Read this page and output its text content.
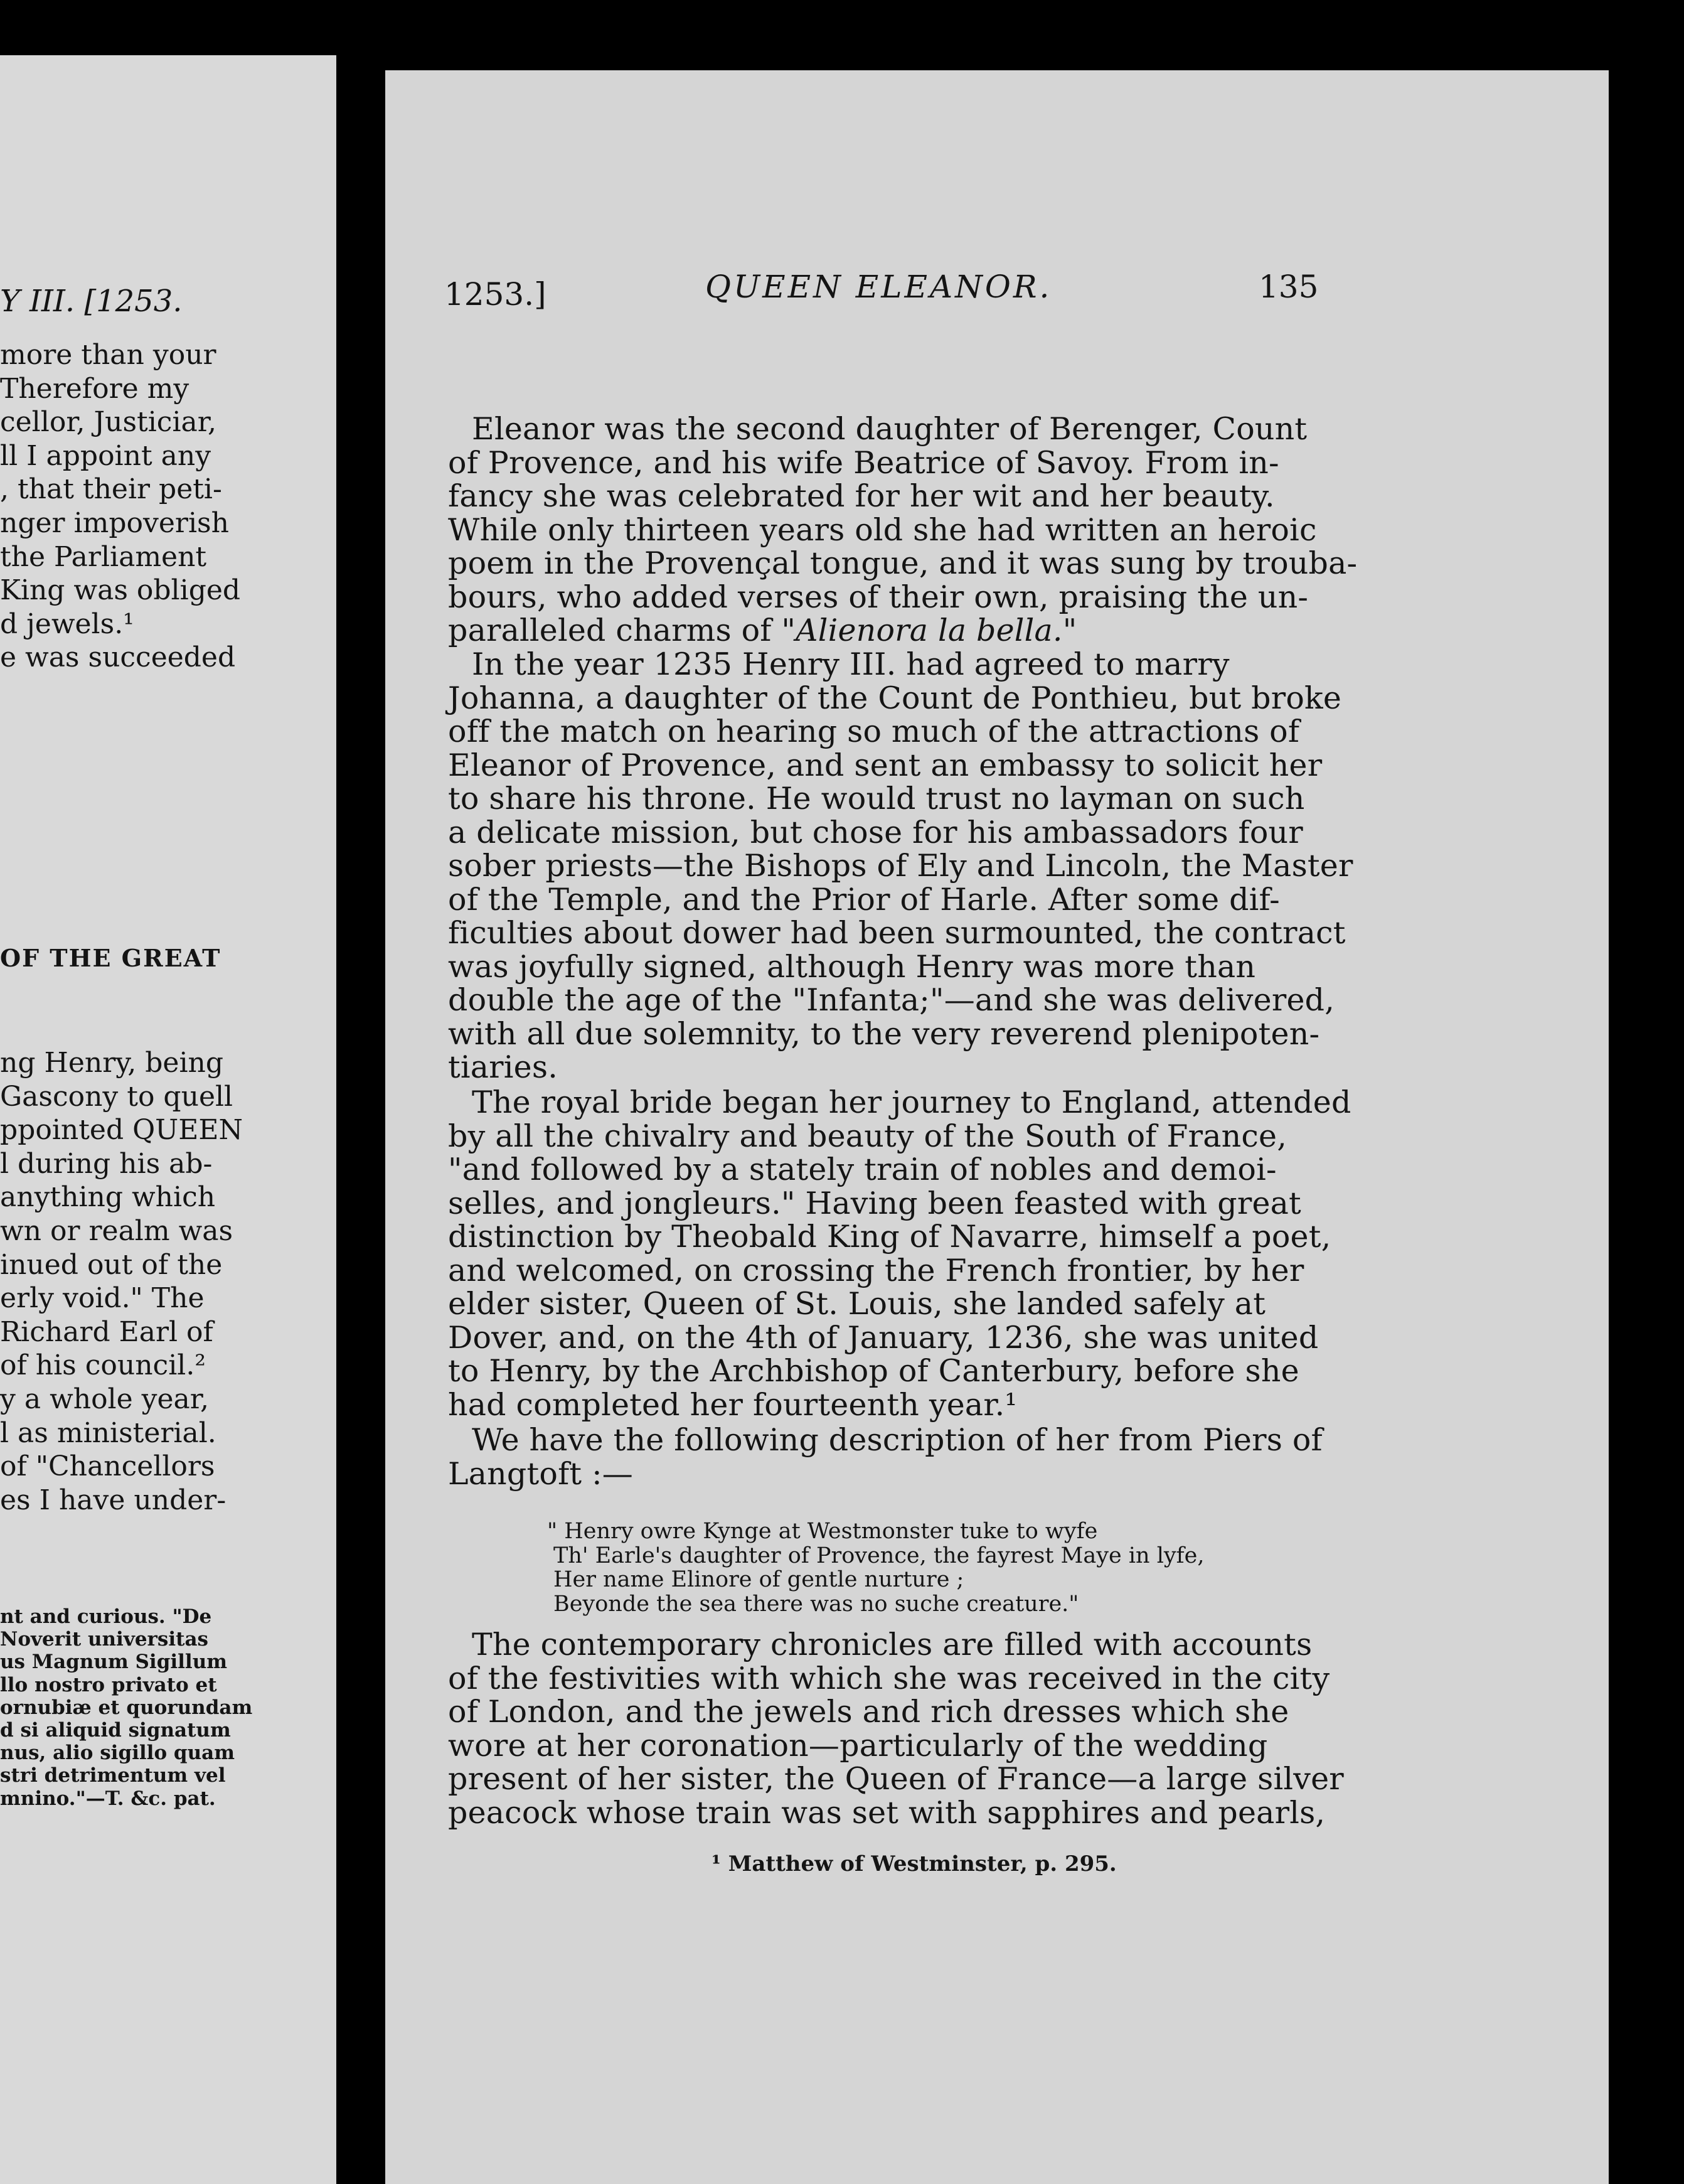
Y III. [1253.
more than your
Therefore my
cellor, Justiciar,
ll I appoint any
, that their peti-
nger impoverish
the Parliament
King was obliged
d jewels.¹
e was succeeded
OF THE GREAT
ng Henry, being
Gascony to quell
ppointed QUEEN
l during his ab-
anything which
wn or realm was
inued out of the
erly void." The
Richard Earl of
of his council.²
y a whole year,
l as ministerial.
of "Chancellors
es I have under-
nt and curious. "De
Noverit universitas
us Magnum Sigillum
llo nostro privato et
ornubiæ et quorundam
d si aliquid signatum
nus, alio sigillo quam
stri detrimentum vel
mnino."—T. &c. pat.
1253.]	QUEEN ELEANOR.	135
Eleanor was the second daughter of Berenger, Count
of Provence, and his wife Beatrice of Savoy. From in-
fancy she was celebrated for her wit and her beauty.
While only thirteen years old she had written an heroic
poem in the Provençal tongue, and it was sung by trouba-
bours, who added verses of their own, praising the un-
paralleled charms of "Alienora la bella."
In the year 1235 Henry III. had agreed to marry
Johanna, a daughter of the Count de Ponthieu, but broke
off the match on hearing so much of the attractions of
Eleanor of Provence, and sent an embassy to solicit her
to share his throne. He would trust no layman on such
a delicate mission, but chose for his ambassadors four
sober priests—the Bishops of Ely and Lincoln, the Master
of the Temple, and the Prior of Harle. After some dif-
ficulties about dower had been surmounted, the contract
was joyfully signed, although Henry was more than
double the age of the "Infanta;"—and she was delivered,
with all due solemnity, to the very reverend plenipoten-
tiaries.
The royal bride began her journey to England, attended
by all the chivalry and beauty of the South of France,
"and followed by a stately train of nobles and demoi-
selles, and jongleurs." Having been feasted with great
distinction by Theobald King of Navarre, himself a poet,
and welcomed, on crossing the French frontier, by her
elder sister, Queen of St. Louis, she landed safely at
Dover, and, on the 4th of January, 1236, she was united
to Henry, by the Archbishop of Canterbury, before she
had completed her fourteenth year.¹
We have the following description of her from Piers of
Langtoft :—
" Henry owre Kynge at Westmonster tuke to wyfe
Th' Earle's daughter of Provence, the fayrest Maye in lyfe,
Her name Elinore of gentle nurture ;
Beyonde the sea there was no suche creature."
The contemporary chronicles are filled with accounts
of the festivities with which she was received in the city
of London, and the jewels and rich dresses which she
wore at her coronation—particularly of the wedding
present of her sister, the Queen of France—a large silver
peacock whose train was set with sapphires and pearls,
¹ Matthew of Westminster, p. 295.
